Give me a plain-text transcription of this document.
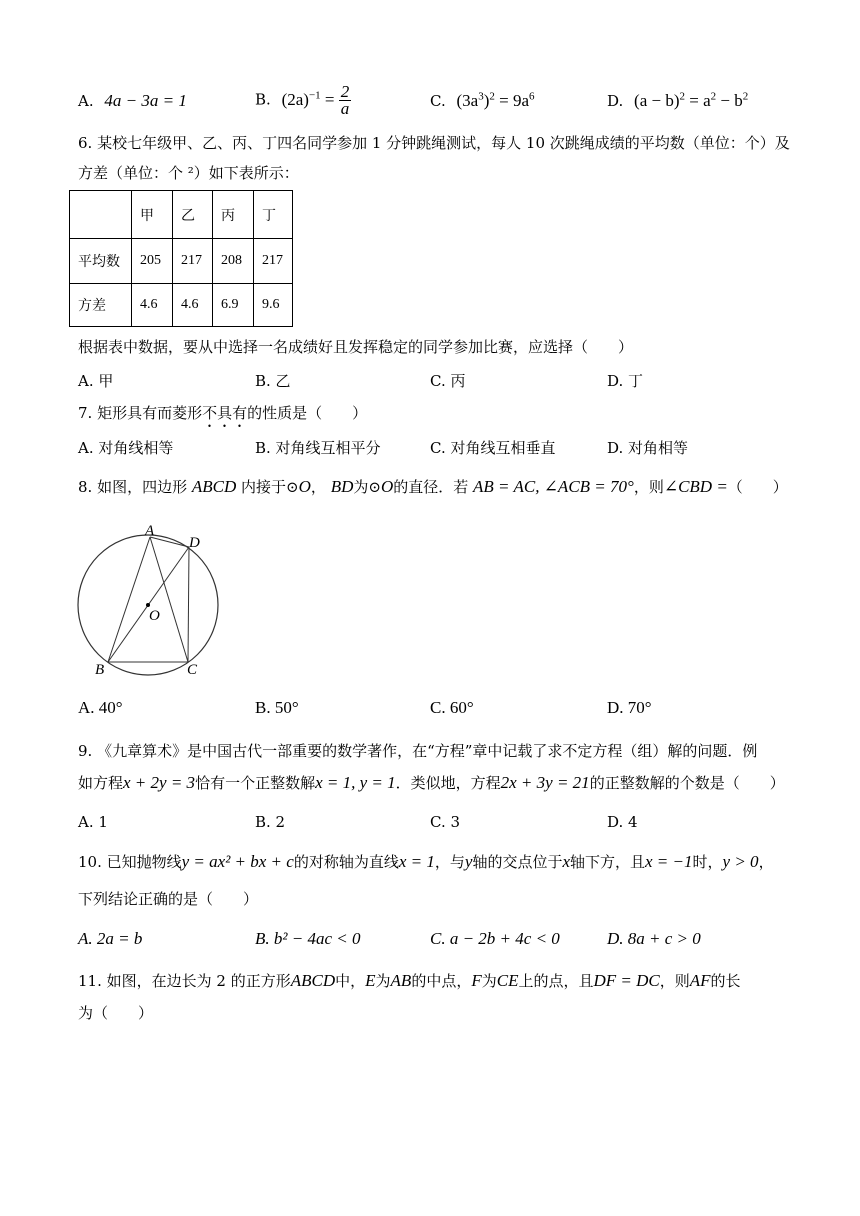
A. 4a − 3a = 1	B. $(2a)^{-1} = \frac{2}{a}$	C. $(3a^3)^2 = 9a^6$	D. $(a - b)^2 = a^2 - b^2$
6. 某校七年级甲、乙、丙、丁四名同学参加 1 分钟跳绳测试，每人 10 次跳绳成绩的平均数（单位：个）及
方差（单位：个 ²）如下表所示：
	甲	乙	丙	丁
平均数	205	217	208	217
方差	4.6	4.6	6.9	9.6
根据表中数据，要从中选择一名成绩好且发挥稳定的同学参加比赛，应选择（　　）
A. 甲	B. 乙	C. 丙	D. 丁
7. 矩形具有而菱形不具有的性质是（　　）
A. 对角线相等	B. 对角线互相平分	C. 对角线互相垂直	D. 对角相等
8. 如图，四边形 ABCD 内接于⊙O， BD为⊙O的直径．若 AB = AC, ∠ACB = 70°，则∠CBD =（　　）
A
D
O
B	C
A. 40°	B. 50°	C. 60°	D. 70°
9. 《九章算术》是中国古代一部重要的数学著作，在“方程”章中记载了求不定方程（组）解的问题．例
如方程x + 2y = 3恰有一个正整数解x = 1, y = 1．类似地，方程2x + 3y = 21的正整数解的个数是（　　）
A. 1	B. 2	C. 3	D. 4
10. 已知抛物线y = ax² + bx + c的对称轴为直线x = 1，与y轴的交点位于x轴下方，且x = −1时，y > 0，
下列结论正确的是（　　）
A. 2a = b	B. b² − 4ac < 0	C. a − 2b + 4c < 0	D. 8a + c > 0
11. 如图，在边长为 2 的正方形ABCD中，E为AB的中点，F为CE上的点，且DF = DC，则AF的长
为（　　）
